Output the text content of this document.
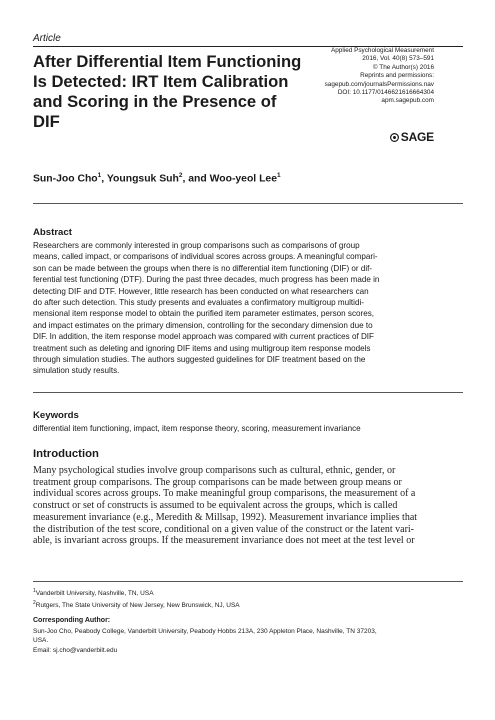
Article
After Differential Item Functioning Is Detected: IRT Item Calibration and Scoring in the Presence of DIF
Applied Psychological Measurement
2016, Vol. 40(8) 573–591
© The Author(s) 2016
Reprints and permissions:
sagepub.com/journalsPermissions.nav
DOI: 10.1177/0146621616664304
apm.sagepub.com
SAGE
Sun-Joo Cho$^1$, Youngsuk Suh$^2$, and Woo-yeol Lee$^1$
Abstract
Researchers are commonly interested in group comparisons such as comparisons of group
means, called impact, or comparisons of individual scores across groups. A meaningful compari-
son can be made between the groups when there is no differential item functioning (DIF) or dif-
ferential test functioning (DTF). During the past three decades, much progress has been made in
detecting DIF and DTF. However, little research has been conducted on what researchers can
do after such detection. This study presents and evaluates a confirmatory multigroup multidi-
mensional item response model to obtain the purified item parameter estimates, person scores,
and impact estimates on the primary dimension, controlling for the secondary dimension due to
DIF. In addition, the item response model approach was compared with current practices of DIF
treatment such as deleting and ignoring DIF items and using multigroup item response models
through simulation studies. The authors suggested guidelines for DIF treatment based on the
simulation study results.
Keywords
differential item functioning, impact, item response theory, scoring, measurement invariance
Introduction
Many psychological studies involve group comparisons such as cultural, ethnic, gender, or
treatment group comparisons. The group comparisons can be made between group means or
individual scores across groups. To make meaningful group comparisons, the measurement of a
construct or set of constructs is assumed to be equivalent across the groups, which is called
measurement invariance (e.g., Meredith & Millsap, 1992). Measurement invariance implies that
the distribution of the test score, conditional on a given value of the construct or the latent vari-
able, is invariant across groups. If the measurement invariance does not meet at the test level or
$^1$Vanderbilt University, Nashville, TN, USA
$^2$Rutgers, The State University of New Jersey, New Brunswick, NJ, USA
Corresponding Author:
Sun-Joo Cho, Peabody College, Vanderbilt University, Peabody Hobbs 213A, 230 Appleton Place, Nashville, TN 37203,
USA.
Email: sj.cho@vanderbilt.edu
